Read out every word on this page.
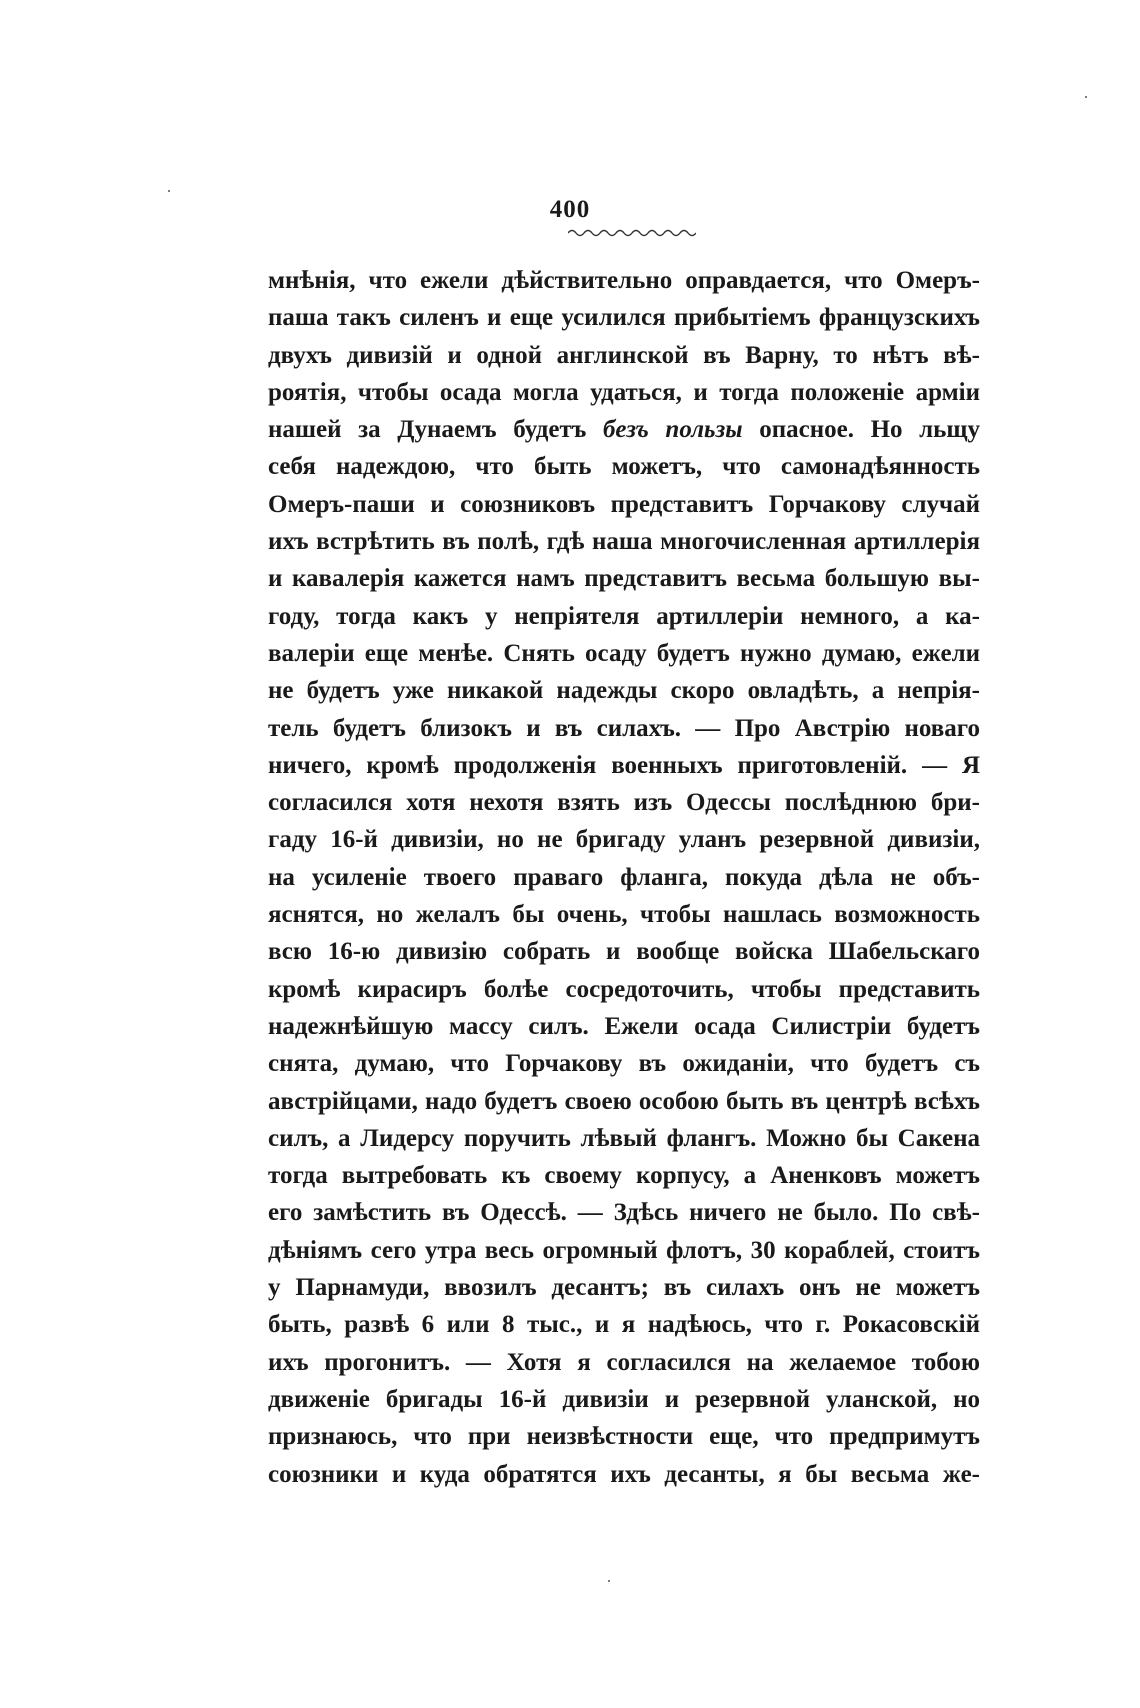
400
мнѣнія, что ежели дѣйствительно оправдается, что Омеръ-
паша такъ силенъ и еще усилился прибытіемъ французскихъ
двухъ дивизій и одной англинской въ Варну, то нѣтъ вѣ-
роятія, чтобы осада могла удаться, и тогда положеніе арміи
нашей за Дунаемъ будетъ безъ пользы опасное. Но льщу
себя надеждою, что быть можетъ, что самонадѣянность
Омеръ-паши и союзниковъ представитъ Горчакову случай
ихъ встрѣтить въ полѣ, гдѣ наша многочисленная артиллерія
и кавалерія кажется намъ представитъ весьма большую вы-
году, тогда какъ у непріятеля артиллеріи немного, а ка-
валеріи еще менѣе. Снять осаду будетъ нужно думаю, ежели
не будетъ уже никакой надежды скоро овладѣть, а непрія-
тель будетъ близокъ и въ силахъ. — Про Австрію новаго
ничего, кромѣ продолженія военныхъ приготовленій. — Я
согласился хотя нехотя взять изъ Одессы послѣднюю бри-
гаду 16-й дивизіи, но не бригаду уланъ резервной дивизіи,
на усиленіе твоего праваго фланга, покуда дѣла не объ-
яснятся, но желалъ бы очень, чтобы нашлась возможность
всю 16-ю дивизію собрать и вообще войска Шабельскаго
кромѣ кирасиръ болѣе сосредоточить, чтобы представить
надежнѣйшую массу силъ. Ежели осада Силистріи будетъ
снята, думаю, что Горчакову въ ожиданіи, что будетъ съ
австрійцами, надо будетъ своею особою быть въ центрѣ всѣхъ
силъ, а Лидерсу поручить лѣвый флангъ. Можно бы Сакена
тогда вытребовать къ своему корпусу, а Аненковъ можетъ
его замѣстить въ Одессѣ. — Здѣсь ничего не было. По свѣ-
дѣніямъ сего утра весь огромный флотъ, 30 кораблей, стоитъ
у Парнамуди, ввозилъ десантъ; въ силахъ онъ не можетъ
быть, развѣ 6 или 8 тыс., и я надѣюсь, что г. Рокасовскій
ихъ прогонитъ. — Хотя я согласился на желаемое тобою
движеніе бригады 16-й дивизіи и резервной уланской, но
признаюсь, что при неизвѣстности еще, что предпримутъ
союзники и куда обратятся ихъ десанты, я бы весьма же-
